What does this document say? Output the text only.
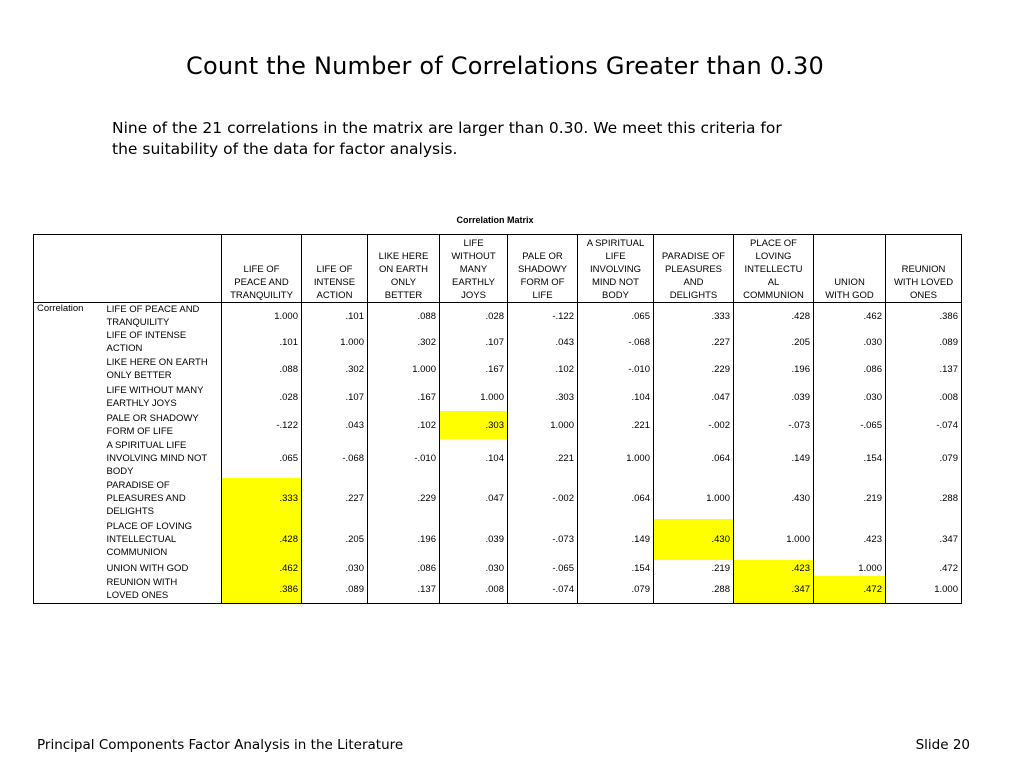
Count the Number of Correlations Greater than 0.30
Nine of the 21 correlations in the matrix are larger than 0.30. We meet this criteria for
the suitability of the data for factor analysis.
Correlation Matrix
		LIFE OF
PEACE AND
TRANQUILITY	LIFE OF
INTENSE
ACTION	LIKE HERE
ON EARTH
ONLY
BETTER	LIFE
WITHOUT
MANY
EARTHLY
JOYS	PALE OR
SHADOWY
FORM OF
LIFE	A SPIRITUAL
LIFE
INVOLVING
MIND NOT
BODY	PARADISE OF
PLEASURES
AND
DELIGHTS	PLACE OF
LOVING
INTELLECTU
AL
COMMUNION	UNION
WITH GOD	REUNION
WITH LOVED
ONES
Correlation	LIFE OF PEACE AND
TRANQUILITY	1.000	.101	.088	.028	-.122	.065	.333	.428	.462	.386
	LIFE OF INTENSE
ACTION	.101	1.000	.302	.107	.043	-.068	.227	.205	.030	.089
	LIKE HERE ON EARTH
ONLY BETTER	.088	.302	1.000	.167	.102	-.010	.229	.196	.086	.137
	LIFE WITHOUT MANY
EARTHLY JOYS	.028	.107	.167	1.000	.303	.104	.047	.039	.030	.008
	PALE OR SHADOWY
FORM OF LIFE	-.122	.043	.102	.303	1.000	.221	-.002	-.073	-.065	-.074
	A SPIRITUAL LIFE
INVOLVING MIND NOT
BODY	.065	-.068	-.010	.104	.221	1.000	.064	.149	.154	.079
	PARADISE OF
PLEASURES AND
DELIGHTS	.333	.227	.229	.047	-.002	.064	1.000	.430	.219	.288
	PLACE OF LOVING
INTELLECTUAL
COMMUNION	.428	.205	.196	.039	-.073	.149	.430	1.000	.423	.347
	UNION WITH GOD	.462	.030	.086	.030	-.065	.154	.219	.423	1.000	.472
	REUNION WITH
LOVED ONES	.386	.089	.137	.008	-.074	.079	.288	.347	.472	1.000
Principal Components Factor Analysis in the Literature	Slide 20
